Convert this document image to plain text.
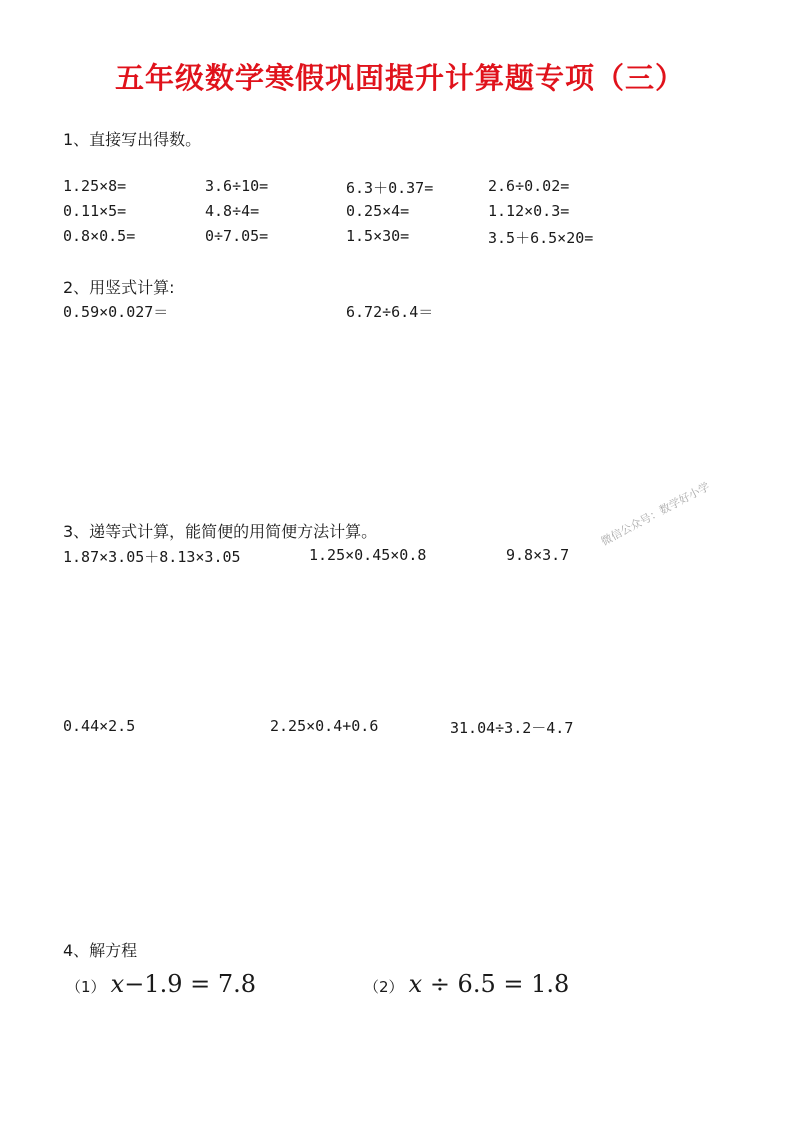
五年级数学寒假巩固提升计算题专项（三）
1、直接写出得数。
1.25×8=	3.6÷10=	6.3＋0.37=	2.6÷0.02=
0.11×5=	4.8÷4=	0.25×4=	1.12×0.3=
0.8×0.5=	0÷7.05=	1.5×30=	3.5＋6.5×20=
2、用竖式计算:
0.59×0.027＝	6.72÷6.4＝
3、递等式计算，能简便的用简便方法计算。
1.87×3.05＋8.13×3.05	1.25×0.45×0.8	9.8×3.7
0.44×2.5	2.25×0.4+0.6	31.04÷3.2－4.7
4、解方程
（1） x−1.9 = 7.8	（2） x ÷ 6.5 = 1.8
微信公众号：数学好小学
